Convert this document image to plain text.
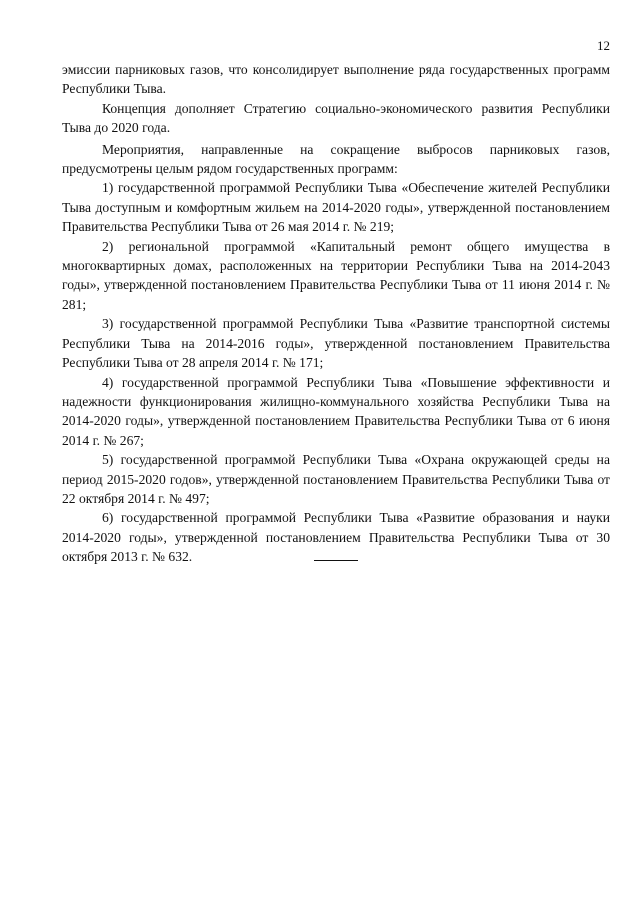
12

эмиссии парниковых газов, что консолидирует выполнение ряда государственных программ Республики Тыва.

Концепция дополняет Стратегию социально-экономического развития Республики Тыва до 2020 года.

Мероприятия, направленные на сокращение выбросов парниковых газов, предусмотрены целым рядом государственных программ:

1) государственной программой Республики Тыва «Обеспечение жителей Республики Тыва доступным и комфортным жильем на 2014-2020 годы», утвержденной постановлением Правительства Республики Тыва от 26 мая 2014 г. № 219;

2) региональной программой «Капитальный ремонт общего имущества в многоквартирных домах, расположенных на территории Республики Тыва на 2014-2043 годы», утвержденной постановлением Правительства Республики Тыва от 11 июня 2014 г. № 281;

3) государственной программой Республики Тыва «Развитие транспортной системы Республики Тыва на 2014-2016 годы», утвержденной постановлением Правительства Республики Тыва от 28 апреля 2014 г. № 171;

4) государственной программой Республики Тыва «Повышение эффективности и надежности функционирования жилищно-коммунального хозяйства Республики Тыва на 2014-2020 годы», утвержденной постановлением Правительства Республики Тыва от 6 июня 2014 г. № 267;

5) государственной программой Республики Тыва «Охрана окружающей среды на период 2015-2020 годов», утвержденной постановлением Правительства Республики Тыва от 22 октября 2014 г. № 497;

6) государственной программой Республики Тыва «Развитие образования и науки 2014-2020 годы», утвержденной постановлением Правительства Республики Тыва от 30 октября 2013 г. № 632.
